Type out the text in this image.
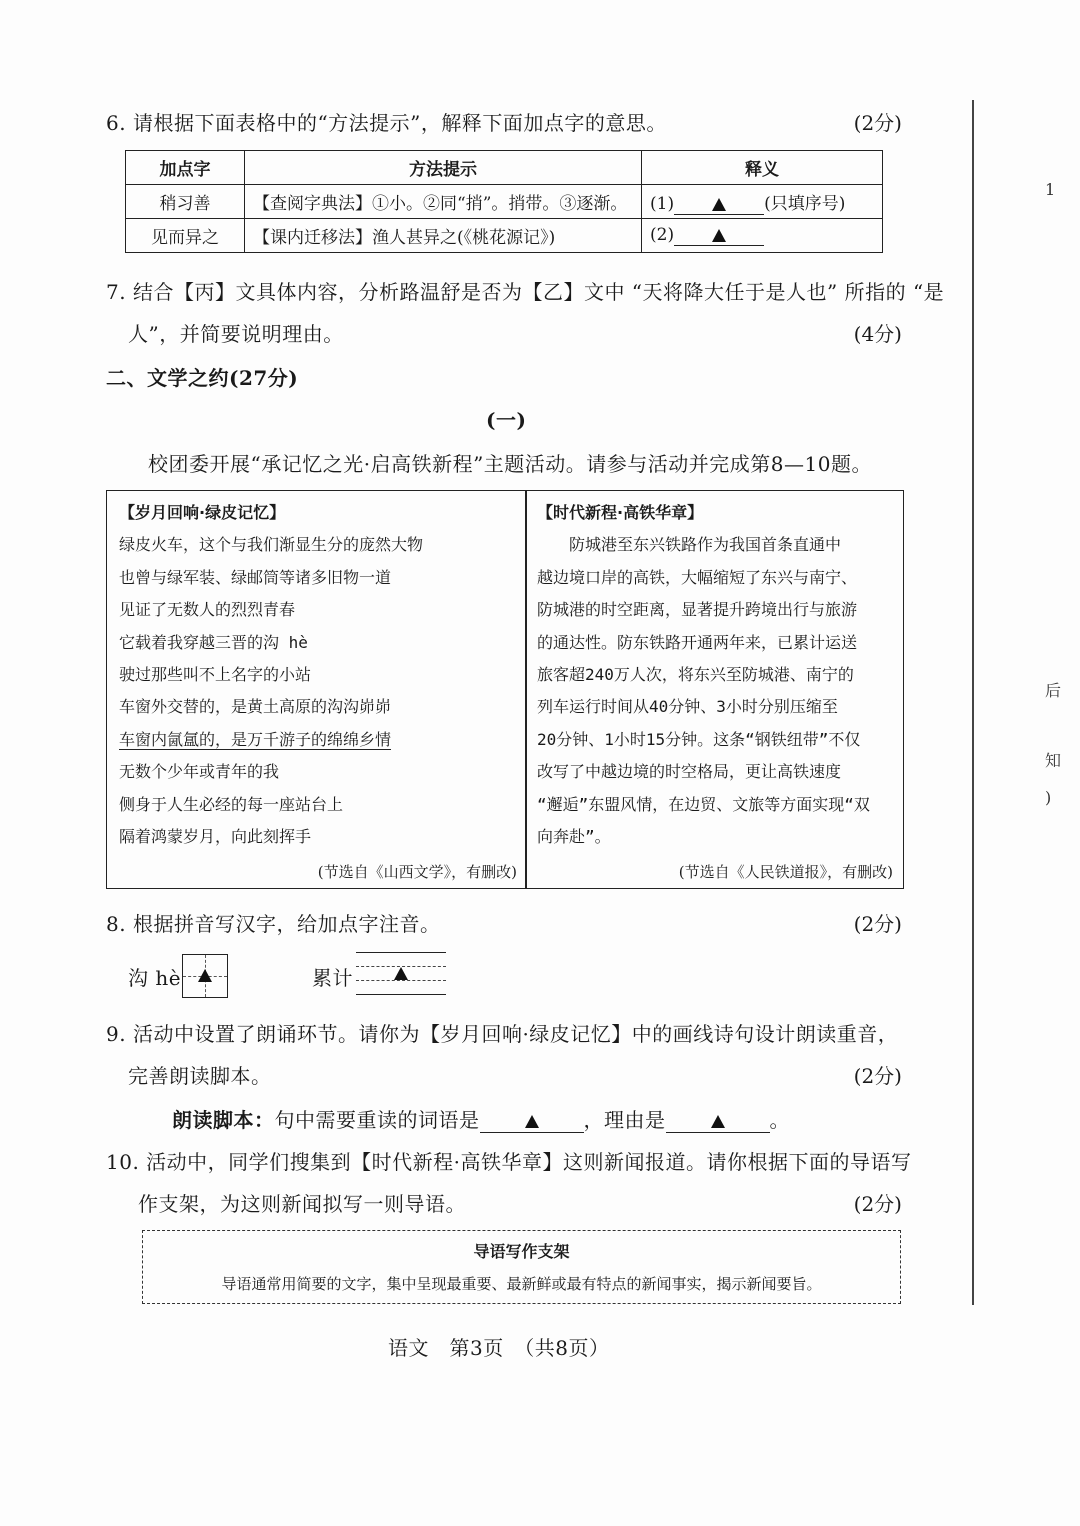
6. 请根据下面表格中的“方法提示”，解释下面加点字的意思。	(2分)
加点字	方法提示	释义
稍习善	【查阅字典法】①小。②同“捎”。捎带。③逐渐。	(1) (只填序号)
见而异之	【课内迁移法】渔人甚异之(《桃花源记》)	(2)
7. 结合【丙】文具体内容，分析路温舒是否为【乙】文中 “天将降大任于是人也” 所指的 “是
人”，并简要说明理由。	(4分)
二、文学之约(27分)
(一)
校团委开展“承记忆之光·启高铁新程”主题活动。请参与活动并完成第8—10题。
【岁月回响·绿皮记忆】
绿皮火车，这个与我们渐显生分的庞然大物
也曾与绿军装、绿邮筒等诸多旧物一道
见证了无数人的烈烈青春
它载着我穿越三晋的沟 hè
驶过那些叫不上名字的小站
车窗外交替的，是黄土高原的沟沟峁峁
车窗内氤氲的，是万千游子的绵绵乡情
无数个少年或青年的我
侧身于人生必经的每一座站台上
隔着鸿蒙岁月，向此刻挥手
(节选自《山西文学》，有删改)
【时代新程·高铁华章】
　　防城港至东兴铁路作为我国首条直通中
越边境口岸的高铁，大幅缩短了东兴与南宁、
防城港的时空距离，显著提升跨境出行与旅游
的通达性。防东铁路开通两年来，已累计运送
旅客超240万人次，将东兴至防城港、南宁的
列车运行时间从40分钟、3小时分别压缩至
20分钟、1小时15分钟。这条“钢铁纽带”不仅
改写了中越边境的时空格局，更让高铁速度
“邂逅”东盟风情，在边贸、文旅等方面实现“双
向奔赴”。
(节选自《人民铁道报》，有删改)
8. 根据拼音写汉字，给加点字注音。	(2分)
沟 hè	累计
9. 活动中设置了朗诵环节。请你为【岁月回响·绿皮记忆】中的画线诗句设计朗读重音，
完善朗读脚本。	(2分)
朗读脚本：句中需要重读的词语是	，理由是	。
10. 活动中，同学们搜集到【时代新程·高铁华章】这则新闻报道。请你根据下面的导语写
作支架，为这则新闻拟写一则导语。	(2分)
导语写作支架
导语通常用简要的文字，集中呈现最重要、最新鲜或最有特点的新闻事实，揭示新闻要旨。
语文　第3页　（共8页）
1
后
知
)
